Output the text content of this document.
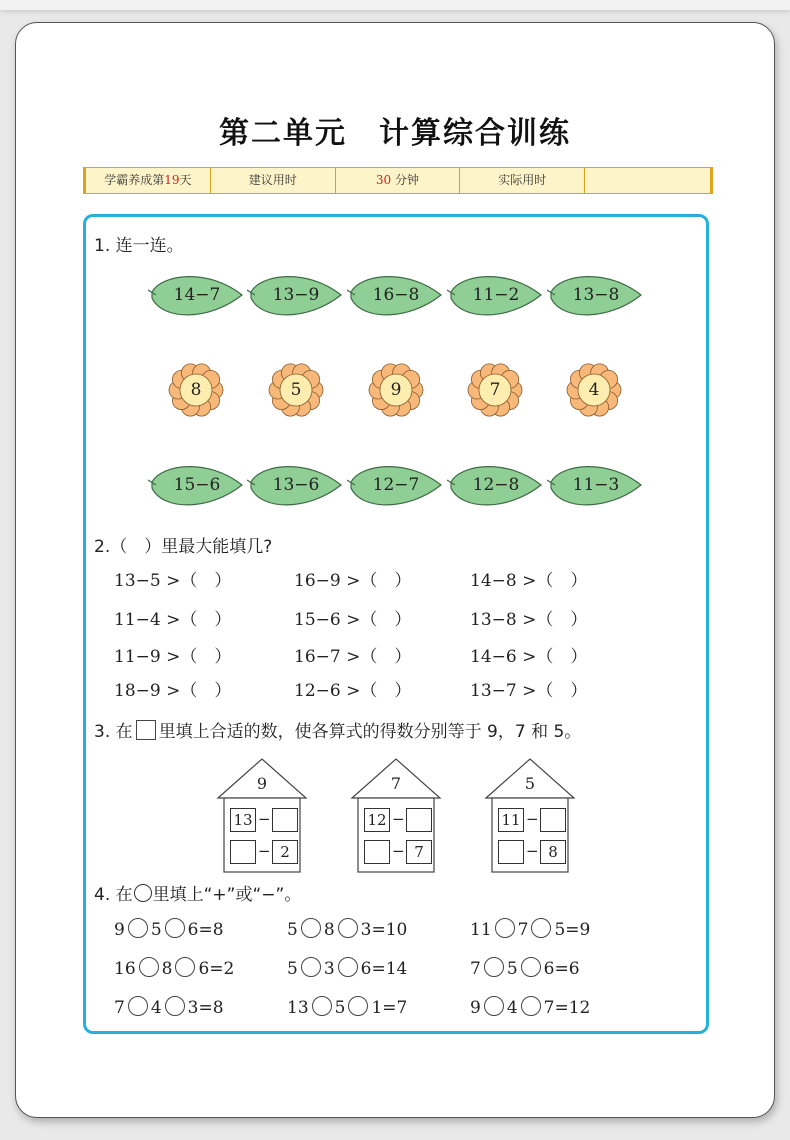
第二单元　计算综合训练
学霸养成第19天	建议用时	30 分钟	实际用时
1. 连一连。
14−7	13−9	16−8	11−2	13−8
8	5	9	7	4
15−6	13−6	12−7	12−8	11−3
2.（　）里最大能填几?
13−5 >（　）	16−9 >（　）	14−8 >（　）
11−4 >（　）	15−6 >（　）	13−8 >（　）
11−9 >（　）	16−7 >（　）	14−6 >（　）
18−9 >（　）	12−6 >（　）	13−7 >（　）
3. 在 里填上合适的数，使各算式的得数分别等于 9，7 和 5。
9
13
2
−
−
7
12
7
−
−
5
11
8
−
−
4. 在 里填上“+”或“−”。
9 5 6=8	5 8 3=10	11 7 5=9
16 8 6=2	5 3 6=14	7 5 6=6
7 4 3=8	13 5 1=7	9 4 7=12
